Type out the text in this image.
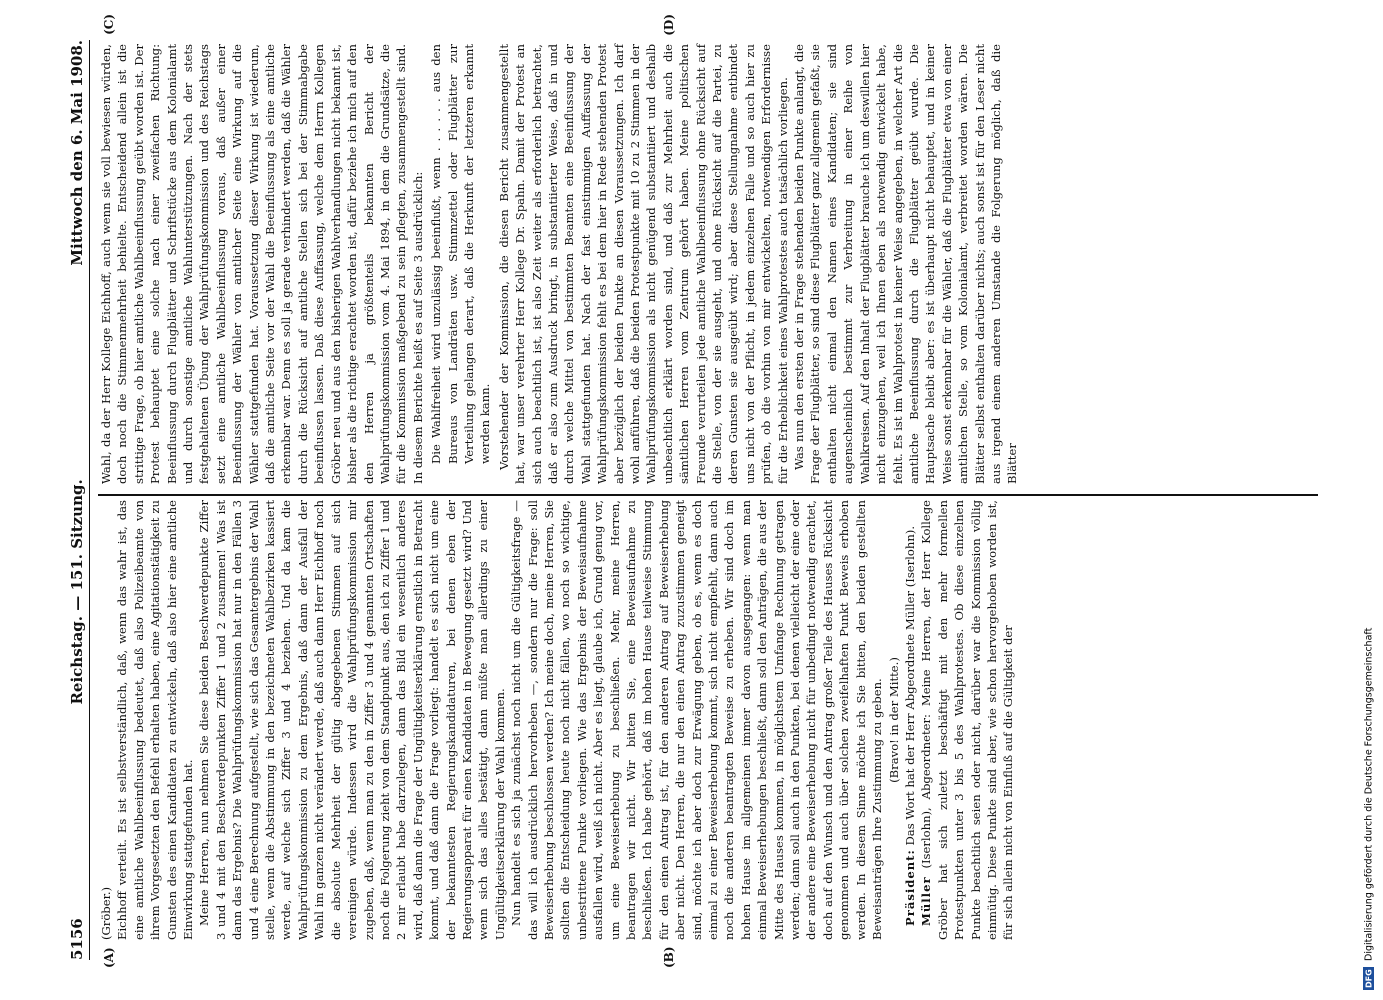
5156
Reichstag. — 151. Sitzung.
Mittwoch den 6. Mai 1908.
(A)	(B)
(C)	(D)

(Gröber.) Eichhoff verteilt. Es ist selbstverständlich, daß, wenn das wahr ist, das eine amtliche Wahlbeeinflussung bedeutet, daß also Polizeibeamte von ihrem Vorgesetzten den Befehl erhalten haben, eine Agitationstätigkeit zu Gunsten des einen Kandidaten zu entwickeln, daß also hier eine amtliche Einwirkung stattgefunden hat. Meine Herren, nun nehmen Sie diese beiden Beschwerdepunkte Ziffer 3 und 4 mit den Beschwerdepunkten Ziffer 1 und 2 zusammen! Was ist dann das Ergebnis? Die Wahlprüfungskommission hat nur in den Fällen 3 und 4 eine Berechnung aufgestellt, wie sich das Gesamtergebnis der Wahl stelle, wenn die Abstimmung in den bezeichneten Wahlbezirken kassiert werde, auf welche sich Ziffer 3 und 4 beziehen. Und da kam die Wahlprüfungskommission zu dem Ergebnis, daß dann der Ausfall der Wahl im ganzen nicht verändert werde, daß auch dann Herr Eichhoff noch die absolute Mehrheit der gültig abgegebenen Stimmen auf sich vereinigen würde. Indessen wird die Wahlprüfungskommission mir zugeben, daß, wenn man zu den in Ziffer 3 und 4 genannten Ortschaften noch die Folgerung zieht von dem Standpunkt aus, den ich zu Ziffer 1 und 2 mir erlaubt habe darzulegen, dann das Bild ein wesentlich anderes wird, daß dann die Frage der Ungültigkeitserklärung ernstlich in Betracht kommt, und daß dann die Frage vorliegt: handelt es sich nicht um eine der bekanntesten Regierungskandidaturen, bei denen eben der Regierungsapparat für einen Kandidaten in Bewegung gesetzt wird? Und wenn sich das alles bestätigt, dann müßte man allerdings zu einer Ungültigkeitserklärung der Wahl kommen. Nun handelt es sich ja zunächst noch nicht um die Gültigkeitsfrage — das will ich ausdrücklich hervorheben —, sondern nur die Frage: soll Beweiserhebung beschlossen werden? Ich meine doch, meine Herren, Sie sollten die Entscheidung heute noch nicht fällen, wo noch so wichtige, unbestrittene Punkte vorliegen. Wie das Ergebnis der Beweisaufnahme ausfallen wird, weiß ich nicht. Aber es liegt, glaube ich, Grund genug vor, um eine Beweiserhebung zu beschließen. Mehr, meine Herren, beantragen wir nicht. Wir bitten Sie, eine Beweisaufnahme zu beschließen. Ich habe gehört, daß im hohen Hause teilweise Stimmung für den einen Antrag ist, für den anderen Antrag auf Beweiserhebung aber nicht. Den Herren, die nur den einen Antrag zuzustimmen geneigt sind, möchte ich aber doch zur Erwägung geben, ob es, wenn es doch einmal zu einer Beweiserhebung kommt, sich nicht empfiehlt, dann auch noch die anderen beantragten Beweise zu erheben. Wir sind doch im hohen Hause im allgemeinen immer davon ausgegangen: wenn man einmal Beweiserhebungen beschließt, dann soll den Anträgen, die aus der Mitte des Hauses kommen, in möglichstem Umfange Rechnung getragen werden; dann soll auch in den Punkten, bei denen vielleicht der eine oder der andere eine Beweiserhebung nicht für unbedingt notwendig erachtet, doch auf den Wunsch und den Antrag großer Teile des Hauses Rücksicht genommen und auch über solchen zweifelhaften Punkt Beweis erhoben werden. In diesem Sinne möchte ich Sie bitten, den beiden gestellten Beweisanträgen Ihre Zustimmung zu geben. (Bravo! in der Mitte.)

Präsident: Das Wort hat der Herr Abgeordnete Müller (Iserlohn).

Müller (Iserlohn), Abgeordneter: Meine Herren, der Herr Kollege Gröber hat sich zuletzt beschäftigt mit den mehr formellen Protestpunkten unter 3 bis 5 des Wahlprotestes. Ob diese einzelnen Punkte beachtlich seien oder nicht, darüber war die Kommission völlig einmütig. Diese Punkte sind aber, wie schon hervorgehoben worden ist, für sich allein nicht von Einfluß auf die Gültigkeit der

Wahl, da der Herr Kollege Eichhoff, auch wenn sie voll bewiesen würden, doch noch die Stimmenmehrheit behielte. Entscheidend allein ist die strittige Frage, ob hier amtliche Wahlbeeinflussung geübt worden ist. Der Protest behauptet eine solche nach einer zweifachen Richtung: Beeinflussung durch Flugblätter und Schriftstücke aus dem Kolonialamt und durch sonstige amtliche Wahlunterstützungen. Nach der stets festgehaltenen Übung der Wahlprüfungskommission und des Reichstags setzt eine amtliche Wahlbeeinflussung voraus, daß außer einer Beeinflussung der Wähler von amtlicher Seite eine Wirkung auf die Wähler stattgefunden hat. Voraussetzung dieser Wirkung ist wiederum, daß die amtliche Seite vor der Wahl die Beeinflussung als eine amtliche erkennbar war. Denn es soll ja gerade verhindert werden, daß die Wähler durch die Rücksicht auf amtliche Stellen sich bei der Stimmabgabe beeinflussen lassen. Daß diese Auffassung, welche dem Herrn Kollegen Gröber neu und aus den bisherigen Wahlverhandlungen nicht bekannt ist, bisher als die richtige erachtet worden ist, dafür beziehe ich mich auf den den Herren ja größtenteils bekannten Bericht der Wahlprüfungskommission vom 4. Mai 1894, in dem die Grundsätze, die für die Kommission maßgebend zu sein pflegten, zusammengestellt sind. In diesem Berichte heißt es auf Seite 3 ausdrücklich: Die Wahlfreiheit wird unzulässig beeinflußt, wenn . . . . . . aus den Bureaus von Landräten usw. Stimmzettel oder Flugblätter zur Verteilung gelangen derart, daß die Herkunft der letzteren erkannt werden kann. Vorstehender der Kommission, die diesen Bericht zusammengestellt hat, war unser verehrter Herr Kollege Dr. Spahn. Damit der Protest an sich auch beachtlich ist, ist also Zeit weiter als erforderlich betrachtet, daß er also zum Ausdruck bringt, in substantiierter Weise, daß in und durch welche Mittel von bestimmten Beamten eine Beeinflussung der Wahl stattgefunden hat. Nach der fast einstimmigen Auffassung der Wahlprüfungskommission fehlt es bei dem hier in Rede stehenden Protest aber bezüglich der beiden Punkte an diesen Voraussetzungen. Ich darf wohl anführen, daß die beiden Protestpunkte mit 10 zu 2 Stimmen in der Wahlprüfungskommission als nicht genügend substantiiert und deshalb unbeachtlich erklärt worden sind, und daß zur Mehrheit auch die sämtlichen Herren vom Zentrum gehört haben. Meine politischen Freunde verurteilen jede amtliche Wahlbeeinflussung ohne Rücksicht auf die Stelle, von der sie ausgeht, und ohne Rücksicht auf die Partei, zu deren Gunsten sie ausgeübt wird; aber diese Stellungnahme entbindet uns nicht von der Pflicht, in jedem einzelnen Falle und so auch hier zu prüfen, ob die vorhin von mir entwickelten, notwendigen Erfordernisse für die Erheblichkeit eines Wahlprotestes auch tatsächlich vorliegen. Was nun den ersten der in Frage stehenden beiden Punkte anlangt, die Frage der Flugblätter, so sind diese Flugblätter ganz allgemein gefaßt, sie enthalten nicht einmal den Namen eines Kandidaten; sie sind augenscheinlich bestimmt zur Verbreitung in einer Reihe von Wahlkreisen. Auf den Inhalt der Flugblätter brauche ich um deswillen hier nicht einzugehen, weil ich Ihnen eben als notwendig entwickelt habe, fehlt. Es ist im Wahlprotest in keiner Weise angegeben, in welcher Art die amtliche Beeinflussung durch die Flugblätter geübt wurde. Die Hauptsache bleibt aber: es ist überhaupt nicht behauptet, und in keiner Weise sonst erkennbar für die Wähler, daß die Flugblätter etwa von einer amtlichen Stelle, so vom Kolonialamt, verbreitet worden wären. Die Blätter selbst enthalten darüber nichts; auch sonst ist für den Leser nicht aus irgend einem anderen Umstande die Folgerung möglich, daß die Blätter

DFG
Digitalisierung gefördert durch die Deutsche Forschungsgemeinschaft
